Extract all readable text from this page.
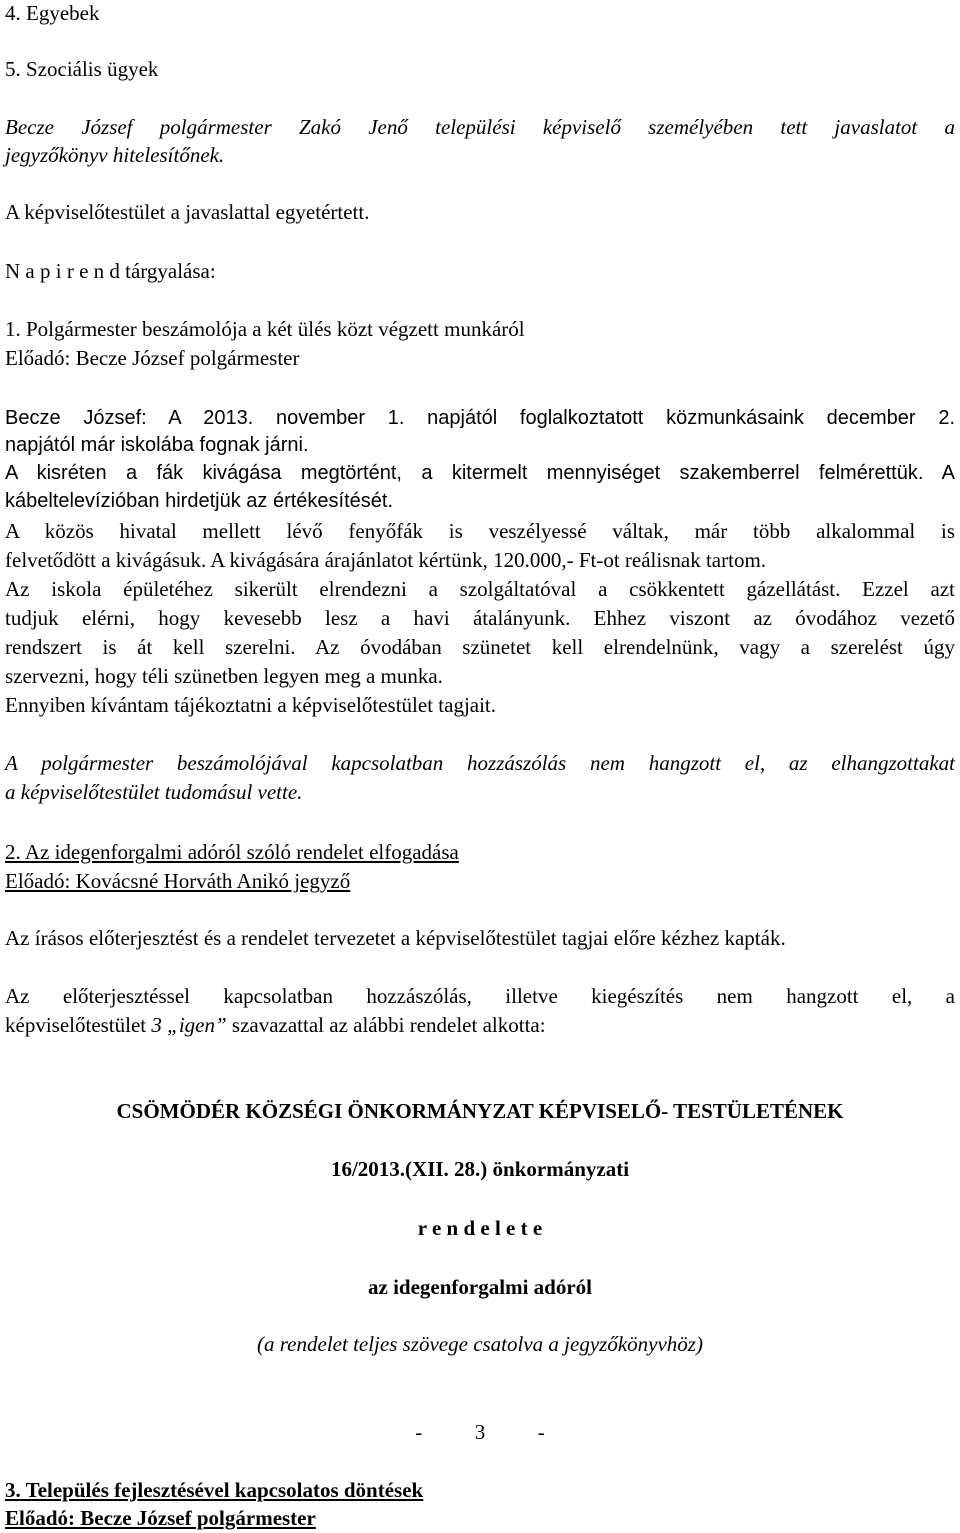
4. Egyebek
5. Szociális ügyek
Becze József polgármester Zakó Jenő települési képviselő személyében tett javaslatot a
jegyzőkönyv hitelesítőnek.
A képviselőtestület a javaslattal egyetértett.
N a p i r e n d tárgyalása:
1. Polgármester beszámolója a két ülés közt végzett munkáról
Előadó: Becze József polgármester
Becze József: A 2013. november 1. napjától foglalkoztatott közmunkásaink december 2.
napjától már iskolába fognak járni.
A kisréten a fák kivágása megtörtént, a kitermelt mennyiséget szakemberrel felmérettük. A
kábeltelevízióban hirdetjük az értékesítését.
A közös hivatal mellett lévő fenyőfák is veszélyessé váltak, már több alkalommal is
felvetődött a kivágásuk. A kivágására árajánlatot kértünk, 120.000,- Ft-ot reálisnak tartom.
Az iskola épületéhez sikerült elrendezni a szolgáltatóval a csökkentett gázellátást. Ezzel azt
tudjuk elérni, hogy kevesebb lesz a havi átalányunk. Ehhez viszont az óvodához vezető
rendszert is át kell szerelni. Az óvodában szünetet kell elrendelnünk, vagy a szerelést úgy
szervezni, hogy téli szünetben legyen meg a munka.
Ennyiben kívántam tájékoztatni a képviselőtestület tagjait.
A polgármester beszámolójával kapcsolatban hozzászólás nem hangzott el, az elhangzottakat
a képviselőtestület tudomásul vette.
2. Az idegenforgalmi adóról szóló rendelet elfogadása
Előadó: Kovácsné Horváth Anikó jegyző
Az írásos előterjesztést és a rendelet tervezetet a képviselőtestület tagjai előre kézhez kapták.
Az előterjesztéssel kapcsolatban hozzászólás, illetve kiegészítés nem hangzott el, a
képviselőtestület 3 „igen” szavazattal az alábbi rendelet alkotta:
CSÖMÖDÉR KÖZSÉGI ÖNKORMÁNYZAT KÉPVISELŐ- TESTÜLETÉNEK
16/2013.(XII. 28.) önkormányzati
r e n d e l e t e
az idegenforgalmi adóról
(a rendelet teljes szövege csatolva a jegyzőkönyvhöz)
-          3          -
3. Település fejlesztésével kapcsolatos döntések
Előadó: Becze József polgármester
